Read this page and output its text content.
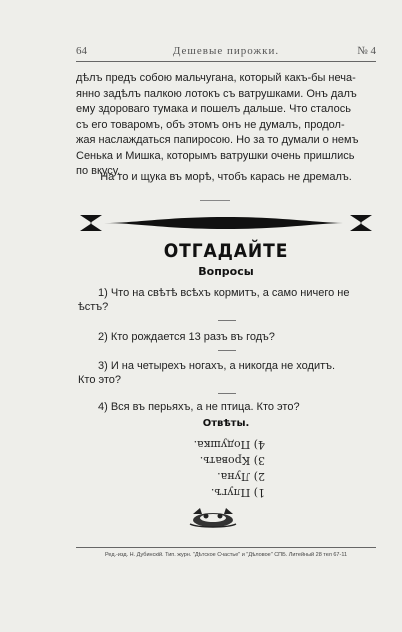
64	Дешевые пирожки.	№ 4

дѣлъ предъ собою мальчугана, который какъ-бы неча-

янно задѣлъ палкою лотокъ съ ватрушками. Онъ далъ

ему здороваго тумака и пошелъ дальше. Что сталось

съ его товаромъ, объ этомъ онъ не думалъ, продол-

жая наслаждаться папиросою. Но за то думали о немъ

Сенька и Мишка, которымъ ватрушки очень пришлись

по вкусу.

На то и щука въ морѣ, чтобъ карась не дремалъ.
ОТГАДАЙТЕ
Вопросы
1) Что на свѣтѣ всѣхъ кормитъ, а само ничего не
ѣстъ?
2) Кто рождается 13 разъ въ годъ?
3) И на четырехъ ногахъ, а никогда не ходитъ.
Кто это?
4) Вся въ перьяхъ, а не птица. Кто это?
Отвѣты.
1) Плугъ.
2) Луна.
3) Кровать.
4) Подушка.
Ред.-изд. Н. Дубинскій. Тип. журн. "Дѣтское Счастье" и "Дѣловое" СПБ. Литейный 28 тел 67-11
